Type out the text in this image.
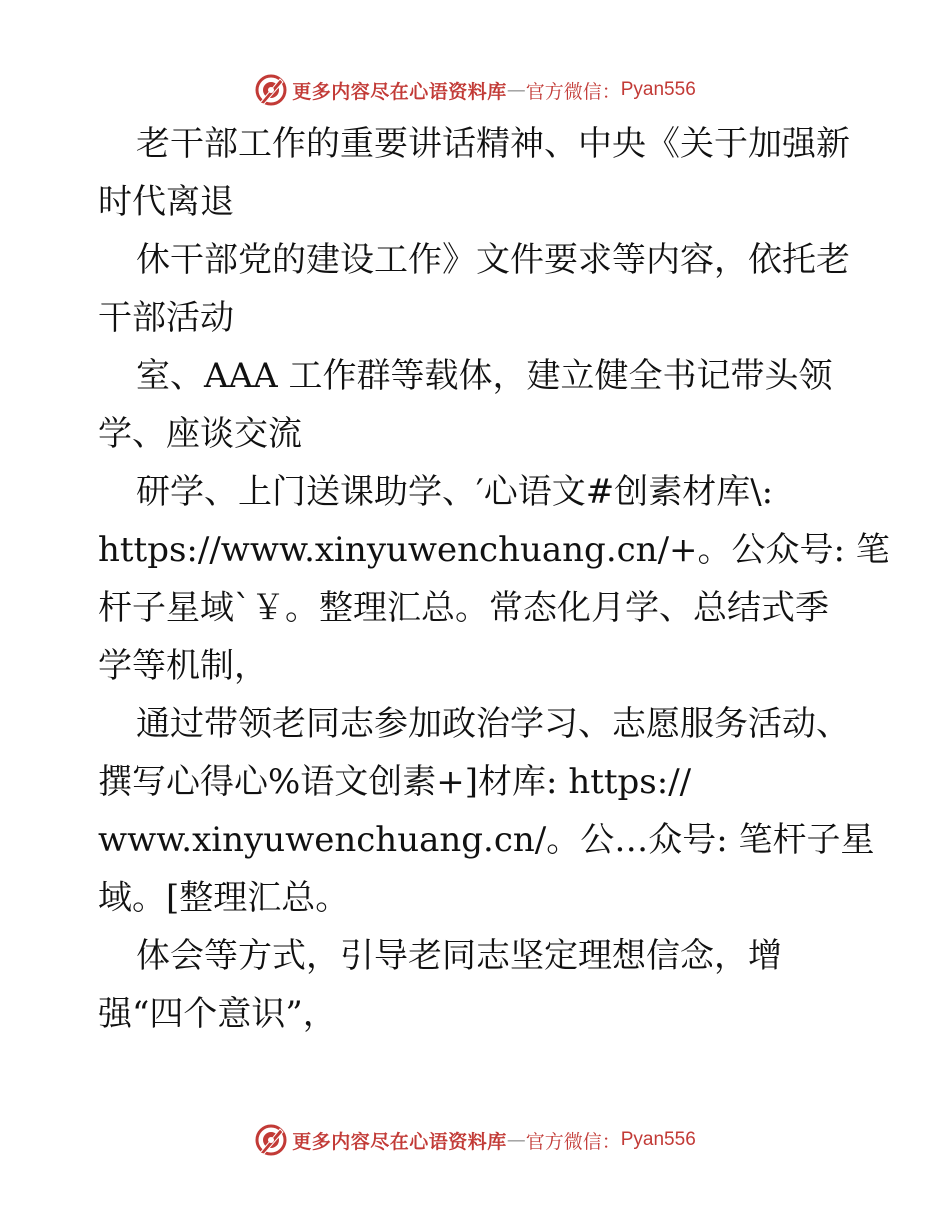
更多内容尽在心语资料库 — 官方微信： Pyan556
老干部工作的重要讲话精神、中央《关于加强新
时代离退
休干部党的建设工作》文件要求等内容，依托老
干部活动
室、AAA 工作群等载体，建立健全书记带头领
学、座谈交流
研学、上门送课助学、′心语文#创素材库\:
https://www.xinyuwenchuang.cn/+。公众号: 笔
杆子星域`￥。整理汇总。常态化月学、总结式季
学等机制，
通过带领老同志参加政治学习、志愿服务活动、
撰写心得心%语文创素+]材库: https://
www.xinyuwenchuang.cn/。公…众号: 笔杆子星
域。[整理汇总。
体会等方式，引导老同志坚定理想信念，增
强“四个意识”，
更多内容尽在心语资料库 — 官方微信： Pyan556
